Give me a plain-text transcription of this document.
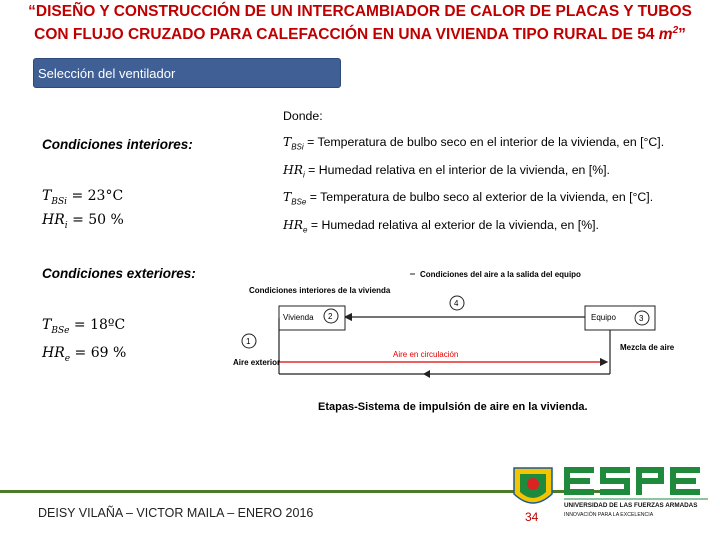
“DISEÑO Y CONSTRUCCIÓN DE UN INTERCAMBIADOR DE CALOR DE PLACAS Y TUBOS
CON FLUJO CRUZADO PARA CALEFACCIÓN EN UNA VIVIENDA TIPO RURAL DE 54 $m^2$”
Selección del ventilador
Condiciones interiores:
$T_{BSi} = 23^\circ C$
$HR_i = 50$ %
Condiciones exteriores:
$T_{BSe}$ = 18ºC
$HR_e = 69$ %
Donde:
$T_{BSi}$ = Temperatura de bulbo seco en el interior de la vivienda, en [°C].
$HR_i$ = Humedad relativa en el interior de la vivienda, en [%].
$T_{BSe}$ = Temperatura de bulbo seco al exterior de la vivienda, en [°C].
$HR_e$ = Humedad relativa al exterior de la vivienda, en [%].
Condiciones del aire a la salida del equipo
Condiciones interiores de la vivienda
4
Vivienda 2	Equipo	3
1
Aire exterior
Aire en circulación
Mezcla de aire
Etapas-Sistema de impulsión de aire en la vivienda.
DEISY VILAÑA – VICTOR MAILA – ENERO 2016	34
UNIVERSIDAD DE LAS FUERZAS ARMADAS
INNOVACIÓN PARA LA EXCELENCIA
